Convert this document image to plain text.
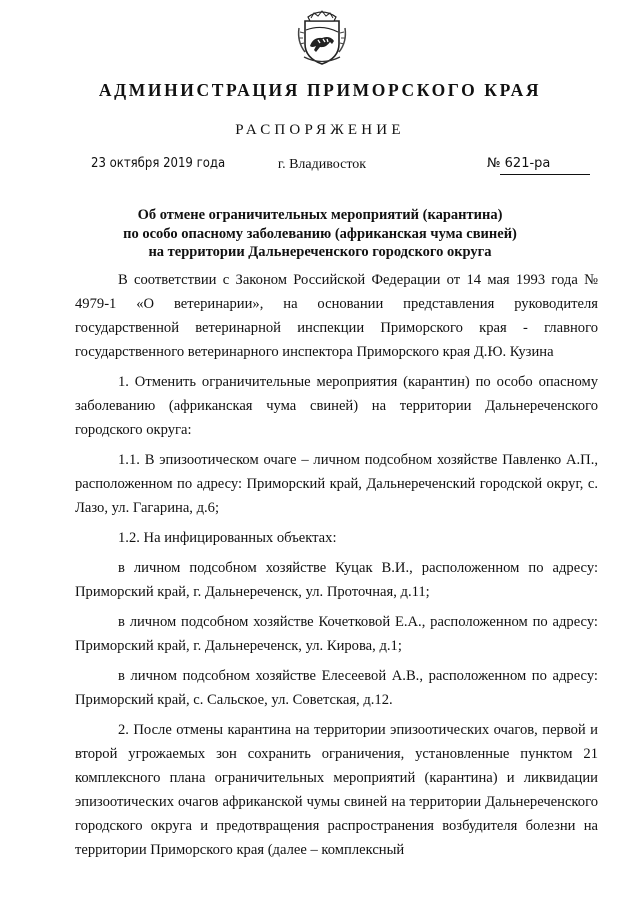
АДМИНИСТРАЦИЯ ПРИМОРСКОГО КРАЯ
РАСПОРЯЖЕНИЕ
23 октября 2019 года	г. Владивосток	№ 621-ра
Об отмене ограничительных мероприятий (карантина)
по особо опасному заболеванию (африканская чума свиней)
на территории Дальнереченского городского округа

В соответствии с Законом Российской Федерации от 14 мая 1993 года № 4979-1 «О ветеринарии», на основании представления руководителя государственной ветеринарной инспекции Приморского края - главного государственного ветеринарного инспектора Приморского края Д.Ю. Кузина

1. Отменить ограничительные мероприятия (карантин) по особо опасному заболеванию (африканская чума свиней) на территории Дальнереченского городского округа:

1.1. В эпизоотическом очаге – личном подсобном хозяйстве Павленко А.П., расположенном по адресу: Приморский край, Дальнереченский городской округ, с. Лазо, ул. Гагарина, д.6;

1.2. На инфицированных объектах:

в личном подсобном хозяйстве Куцак В.И., расположенном по адресу: Приморский край, г. Дальнереченск, ул. Проточная, д.11;

в личном подсобном хозяйстве Кочетковой Е.А., расположенном по адресу: Приморский край, г. Дальнереченск, ул. Кирова, д.1;

в личном подсобном хозяйстве Елесеевой А.В., расположенном по адресу: Приморский край, с. Сальское, ул. Советская, д.12.

2. После отмены карантина на территории эпизоотических очагов, первой и второй угрожаемых зон сохранить ограничения, установленные пунктом 21 комплексного плана ограничительных мероприятий (карантина) и ликвидации эпизоотических очагов африканской чумы свиней на территории Дальнереченского городского округа и предотвращения распространения возбудителя болезни на территории Приморского края (далее – комплексный
